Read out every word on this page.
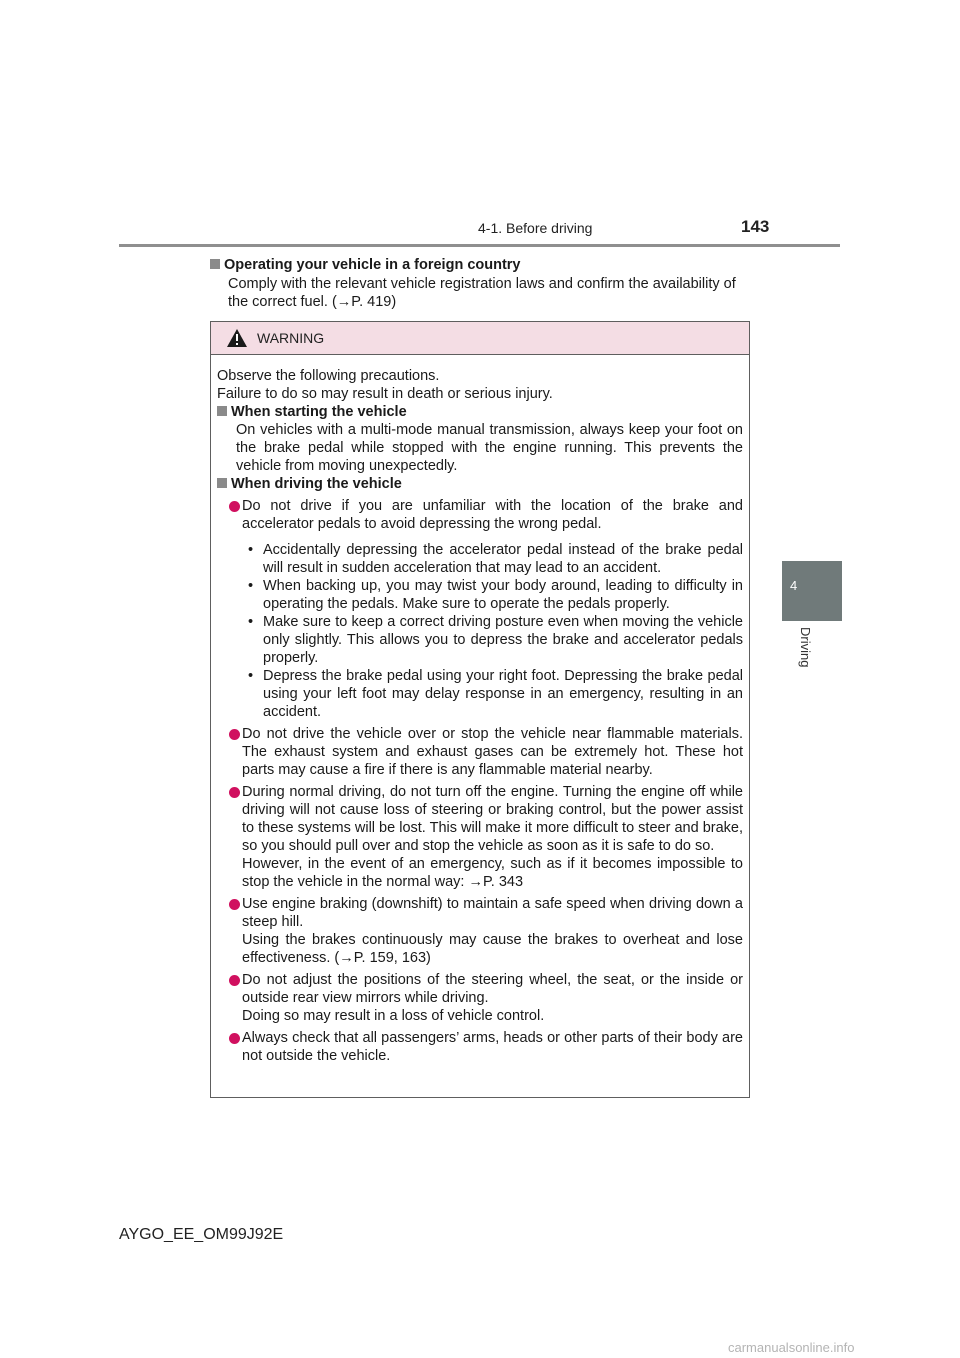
4-1. Before driving	143
4
Driving
Operating your vehicle in a foreign country
Comply with the relevant vehicle registration laws and confirm the availability of the correct fuel. (→P. 419)
WARNING

Observe the following precautions.

Failure to do so may result in death or serious injury.

When starting the vehicle

On vehicles with a multi-mode manual transmission, always keep your foot on the brake pedal while stopped with the engine running. This prevents the vehicle from moving unexpectedly.

When driving the vehicle

Do not drive if you are unfamiliar with the location of the brake and accelerator pedals to avoid depressing the wrong pedal.
• Accidentally depressing the accelerator pedal instead of the brake pedal will result in sudden acceleration that may lead to an accident.
• When backing up, you may twist your body around, leading to difficulty in operating the pedals. Make sure to operate the pedals properly.
• Make sure to keep a correct driving posture even when moving the vehicle only slightly. This allows you to depress the brake and accelerator pedals properly.
• Depress the brake pedal using your right foot. Depressing the brake pedal using your left foot may delay response in an emergency, resulting in an accident.
Do not drive the vehicle over or stop the vehicle near flammable materials. The exhaust system and exhaust gases can be extremely hot. These hot parts may cause a fire if there is any flammable material nearby.
During normal driving, do not turn off the engine. Turning the engine off while driving will not cause loss of steering or braking control, but the power assist to these systems will be lost. This will make it more difficult to steer and brake, so you should pull over and stop the vehicle as soon as it is safe to do so.
However, in the event of an emergency, such as if it becomes impossible to stop the vehicle in the normal way: →P. 343
Use engine braking (downshift) to maintain a safe speed when driving down a steep hill.
Using the brakes continuously may cause the brakes to overheat and lose effectiveness. (→P. 159, 163)
Do not adjust the positions of the steering wheel, the seat, or the inside or outside rear view mirrors while driving.
Doing so may result in a loss of vehicle control.
Always check that all passengers’ arms, heads or other parts of their body are not outside the vehicle.
AYGO_EE_OM99J92E
carmanualsonline.info
